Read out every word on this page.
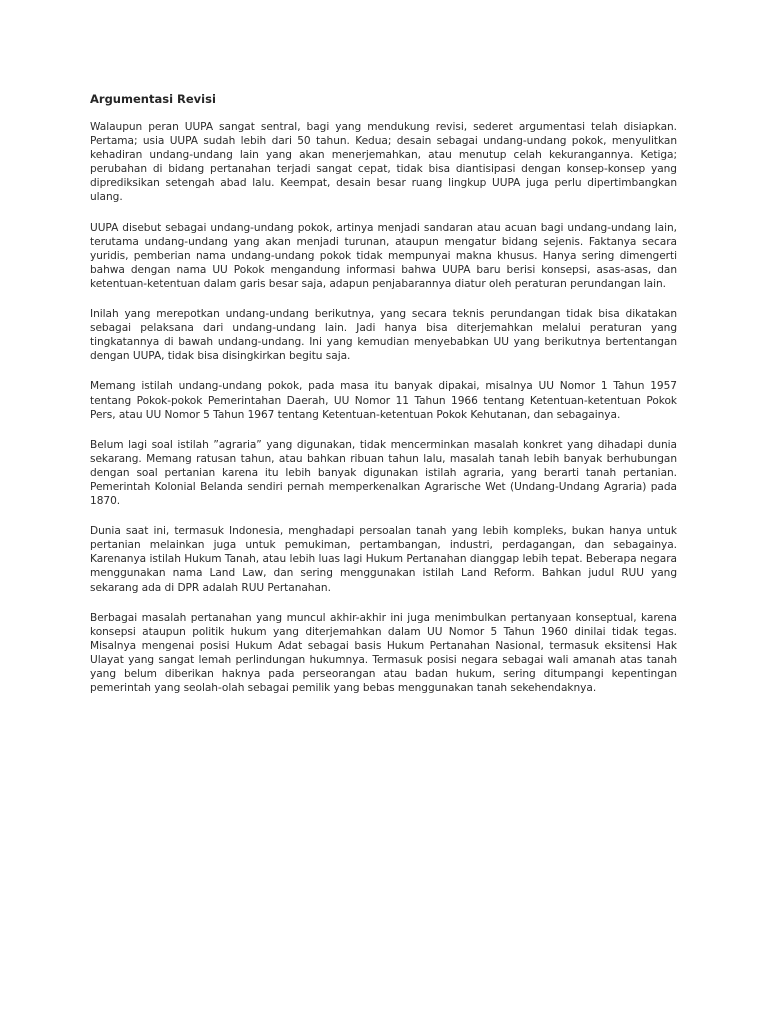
Argumentasi Revisi

Walaupun peran UUPA sangat sentral, bagi yang mendukung revisi, sederet argumentasi telah disiapkan. Pertama; usia UUPA sudah lebih dari 50 tahun. Kedua; desain sebagai undang-undang pokok, menyulitkan kehadiran undang-undang lain yang akan menerjemahkan, atau menutup celah kekurangannya. Ketiga; perubahan di bidang pertanahan terjadi sangat cepat, tidak bisa diantisipasi dengan konsep-konsep yang diprediksikan setengah abad lalu. Keempat, desain besar ruang lingkup UUPA juga perlu dipertimbangkan ulang.

UUPA disebut sebagai undang-undang pokok, artinya menjadi sandaran atau acuan bagi undang-undang lain, terutama undang-undang yang akan menjadi turunan, ataupun mengatur bidang sejenis. Faktanya secara yuridis, pemberian nama undang-undang pokok tidak mempunyai makna khusus. Hanya sering dimengerti bahwa dengan nama UU Pokok mengandung informasi bahwa UUPA baru berisi konsepsi, asas-asas, dan ketentuan-ketentuan dalam garis besar saja, adapun penjabarannya diatur oleh peraturan perundangan lain.

Inilah yang merepotkan undang-undang berikutnya, yang secara teknis perundangan tidak bisa dikatakan sebagai pelaksana dari undang-undang lain. Jadi hanya bisa diterjemahkan melalui peraturan yang tingkatannya di bawah undang-undang. Ini yang kemudian menyebabkan UU yang berikutnya bertentangan dengan UUPA, tidak bisa disingkirkan begitu saja.

Memang istilah undang-undang pokok, pada masa itu banyak dipakai, misalnya UU Nomor 1 Tahun 1957 tentang Pokok-pokok Pemerintahan Daerah, UU Nomor 11 Tahun 1966 tentang Ketentuan-ketentuan Pokok Pers, atau UU Nomor 5 Tahun 1967 tentang Ketentuan-ketentuan Pokok Kehutanan, dan sebagainya.

Belum lagi soal istilah ”agraria” yang digunakan, tidak mencerminkan masalah konkret yang dihadapi dunia sekarang. Memang ratusan tahun, atau bahkan ribuan tahun lalu, masalah tanah lebih banyak berhubungan dengan soal pertanian karena itu lebih banyak digunakan istilah agraria, yang berarti tanah pertanian. Pemerintah Kolonial Belanda sendiri pernah memperkenalkan Agrarische Wet (Undang-Undang Agraria) pada 1870.

Dunia saat ini, termasuk Indonesia, menghadapi persoalan tanah yang lebih kompleks, bukan hanya untuk pertanian melainkan juga untuk pemukiman, pertambangan, industri, perdagangan, dan sebagainya. Karenanya istilah Hukum Tanah, atau lebih luas lagi Hukum Pertanahan dianggap lebih tepat. Beberapa negara menggunakan nama Land Law, dan sering menggunakan istilah Land Reform. Bahkan judul RUU yang sekarang ada di DPR adalah RUU Pertanahan.

Berbagai masalah pertanahan yang muncul akhir-akhir ini juga menimbulkan pertanyaan konseptual, karena konsepsi ataupun politik hukum yang diterjemahkan dalam UU Nomor 5 Tahun 1960 dinilai tidak tegas. Misalnya mengenai posisi Hukum Adat sebagai basis Hukum Pertanahan Nasional, termasuk eksitensi Hak Ulayat yang sangat lemah perlindungan hukumnya. Termasuk posisi negara sebagai wali amanah atas tanah yang belum diberikan haknya pada perseorangan atau badan hukum, sering ditumpangi kepentingan pemerintah yang seolah-olah sebagai pemilik yang bebas menggunakan tanah sekehendaknya.
